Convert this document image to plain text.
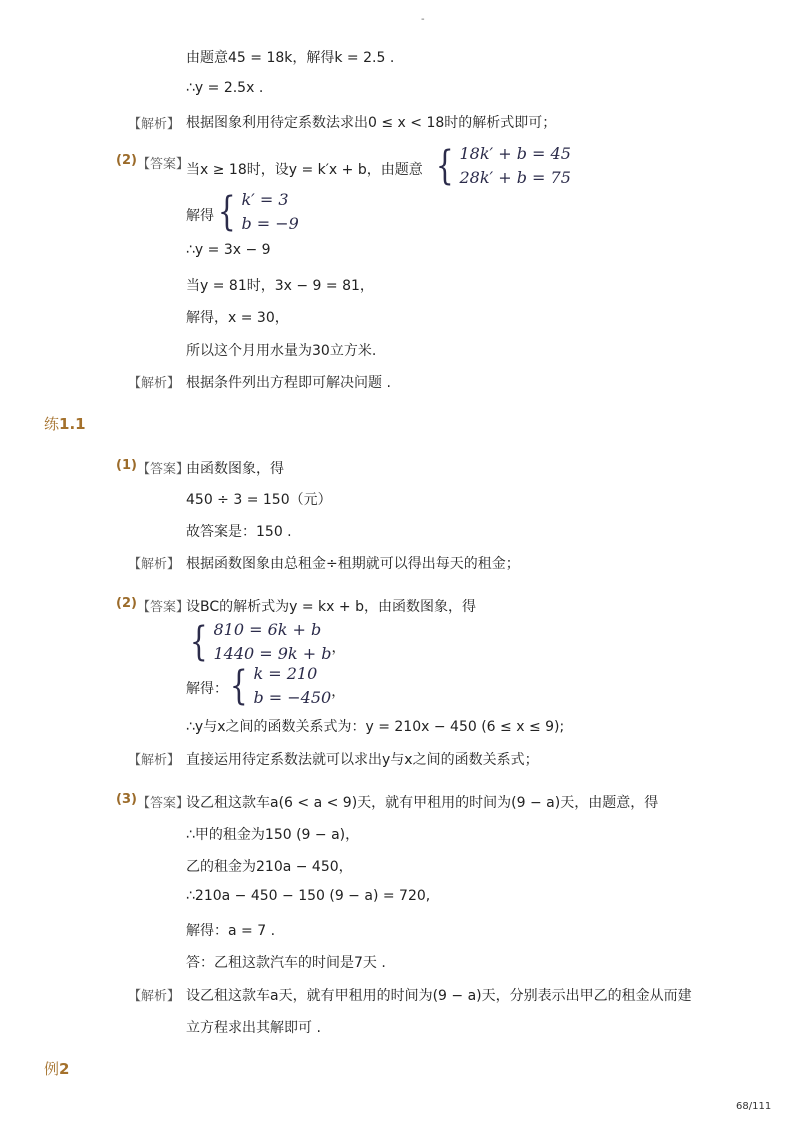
-
由题意45 = 18k，解得k = 2.5 .
∴y = 2.5x .
【解析】 根据图象利用待定系数法求出0 ≤ x < 18时的解析式即可；
(2) 【答案】
当x ≥ 18时，设y = k′x + b，由题意 { 18k′ + b = 45
28k′ + b = 75
解得 { k′ = 3
b = −9
∴y = 3x − 9
当y = 81时，3x − 9 = 81，
解得，x = 30，
所以这个月用水量为30立方米.
【解析】 根据条件列出方程即可解决问题 .
练1.1
(1) 【答案】
由函数图象，得
450 ÷ 3 = 150（元）
故答案是：150 .
【解析】 根据函数图象由总租金÷租期就可以得出每天的租金；
(2) 【答案】
设BC的解析式为y = kx + b，由函数图象，得
{ 810 = 6k + b
1440 = 9k + b ，
解得： { k = 210
b = −450 ，
∴y与x之间的函数关系式为：y = 210x − 450 (6 ≤ x ≤ 9);
【解析】 直接运用待定系数法就可以求出y与x之间的函数关系式；
(3) 【答案】
设乙租这款车a(6 < a < 9)天，就有甲租用的时间为(9 − a)天，由题意，得
∴甲的租金为150 (9 − a)，
乙的租金为210a − 450，
∴210a − 450 − 150 (9 − a) = 720,
解得：a = 7 .
答：乙租这款汽车的时间是7天 .
【解析】 设乙租这款车a天，就有甲租用的时间为(9 − a)天，分别表示出甲乙的租金从而建
立方程求出其解即可 .
例2
68/111
